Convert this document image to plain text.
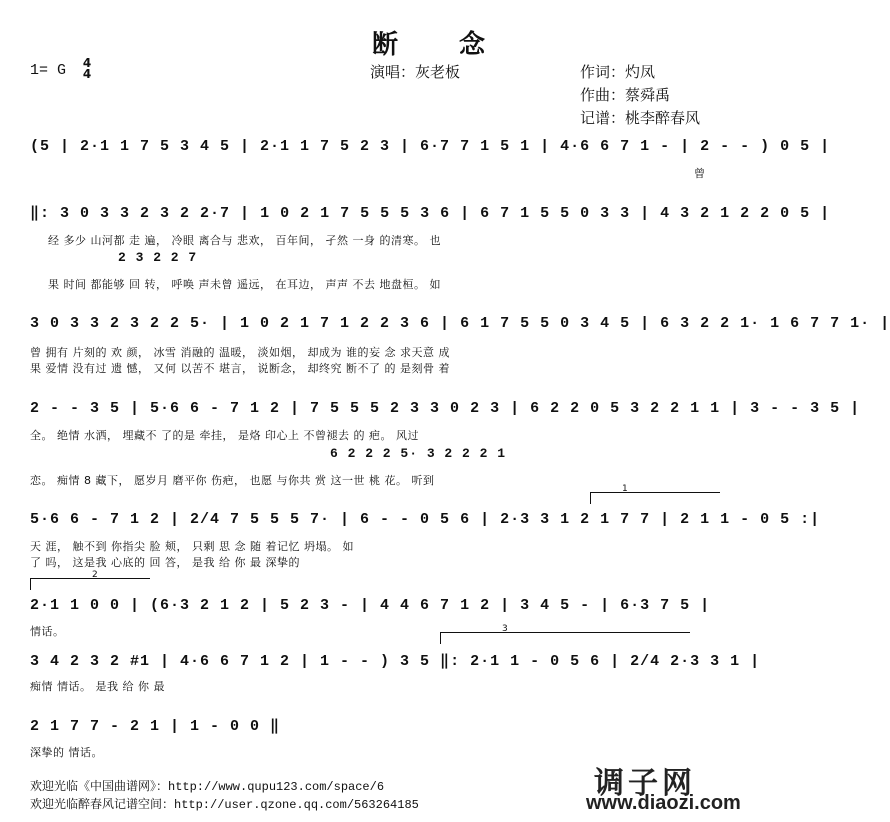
断 念
1= G 4
4	演唱：灰老板	作词：灼凤
作曲：蔡舜禹
记谱：桃李醉春风
(5 | 2·1 1 7 5 3 4 5 | 2·1 1 7 5 2 3 | 6·7 7 1 5 1 | 4·6 6 7 1 - | 2 - - ) 0 5 |
曾
‖: 3 0 3 3 2 3 2 2·7 | 1 0 2 1 7 5 5 5 3 6 | 6 7 1 5 5 0 3 3 | 4 3 2 1 2 2 0 5 |
经 多少 山河都 走 遍， 冷眼 离合与 悲欢， 百年间， 孑然 一身 的清寒。 也
2 3 2 2 7
果 时间 都能够 回 转， 呼唤 声未曾 遥远， 在耳边， 声声 不去 地盘桓。 如
3 0 3 3 2 3 2 2 5· | 1 0 2 1 7 1 2 2 3 6 | 6 1 7 5 5 0 3 4 5 | 6 3 2 2 1· 1 6 7 7 1· |
曾 拥有 片刻的 欢 颜， 冰雪 消融的 温暖， 淡如烟， 却成为 谁的妄 念 求天意 成
果 爱情 没有过 遗 憾， 又何 以苦不 堪言， 说断念， 却终究 断不了 的 是刻骨 着
2 - - 3 5 | 5·6 6 - 7 1 2 | 7 5 5 5 2 3 3 0 2 3 | 6 2 2 0 5 3 2 2 1 1 | 3 - - 3 5 |
全。 绝情 水洒， 埋藏不 了的是 牵挂， 是烙 印心上 不曾褪去 的 疤。 风过
6 2 2 2 5· 3 2 2 2 1
恋。 痴情 8 藏下， 愿岁月 磨平你 伤疤， 也愿 与你共 赏 这一世 桃 花。 听到
1
5·6 6 - 7 1 2 | 2/4 7 5 5 5 7· | 6 - - 0 5 6 | 2·3 3 1 2 1 7 7 | 2 1 1 - 0 5 :|
天 涯， 触不到 你指尖 脸 颊， 只剩 思 念 随 着记忆 坍塌。 如
了 吗， 这是我 心底的 回 答， 是我 给 你 最 深挚的
2
2·1 1 0 0 | (6·3 2 1 2 | 5 2 3 - | 4 4 6 7 1 2 | 3 4 5 - | 6·3 7 5 |
情话。	3
3 4 2 3 2 #1 | 4·6 6 7 1 2 | 1 - - ) 3 5 ‖: 2·1 1 - 0 5 6 | 2/4 2·3 3 1 |
痴情 情话。 是我 给 你 最
2 1 7 7 - 2 1 | 1 - 0 0 ‖
深挚的 情话。
欢迎光临《中国曲谱网》：http://www.qupu123.com/space/6
欢迎光临醉春风记谱空间：http://user.qzone.qq.com/563264185
调子网
www.diaozi.com
